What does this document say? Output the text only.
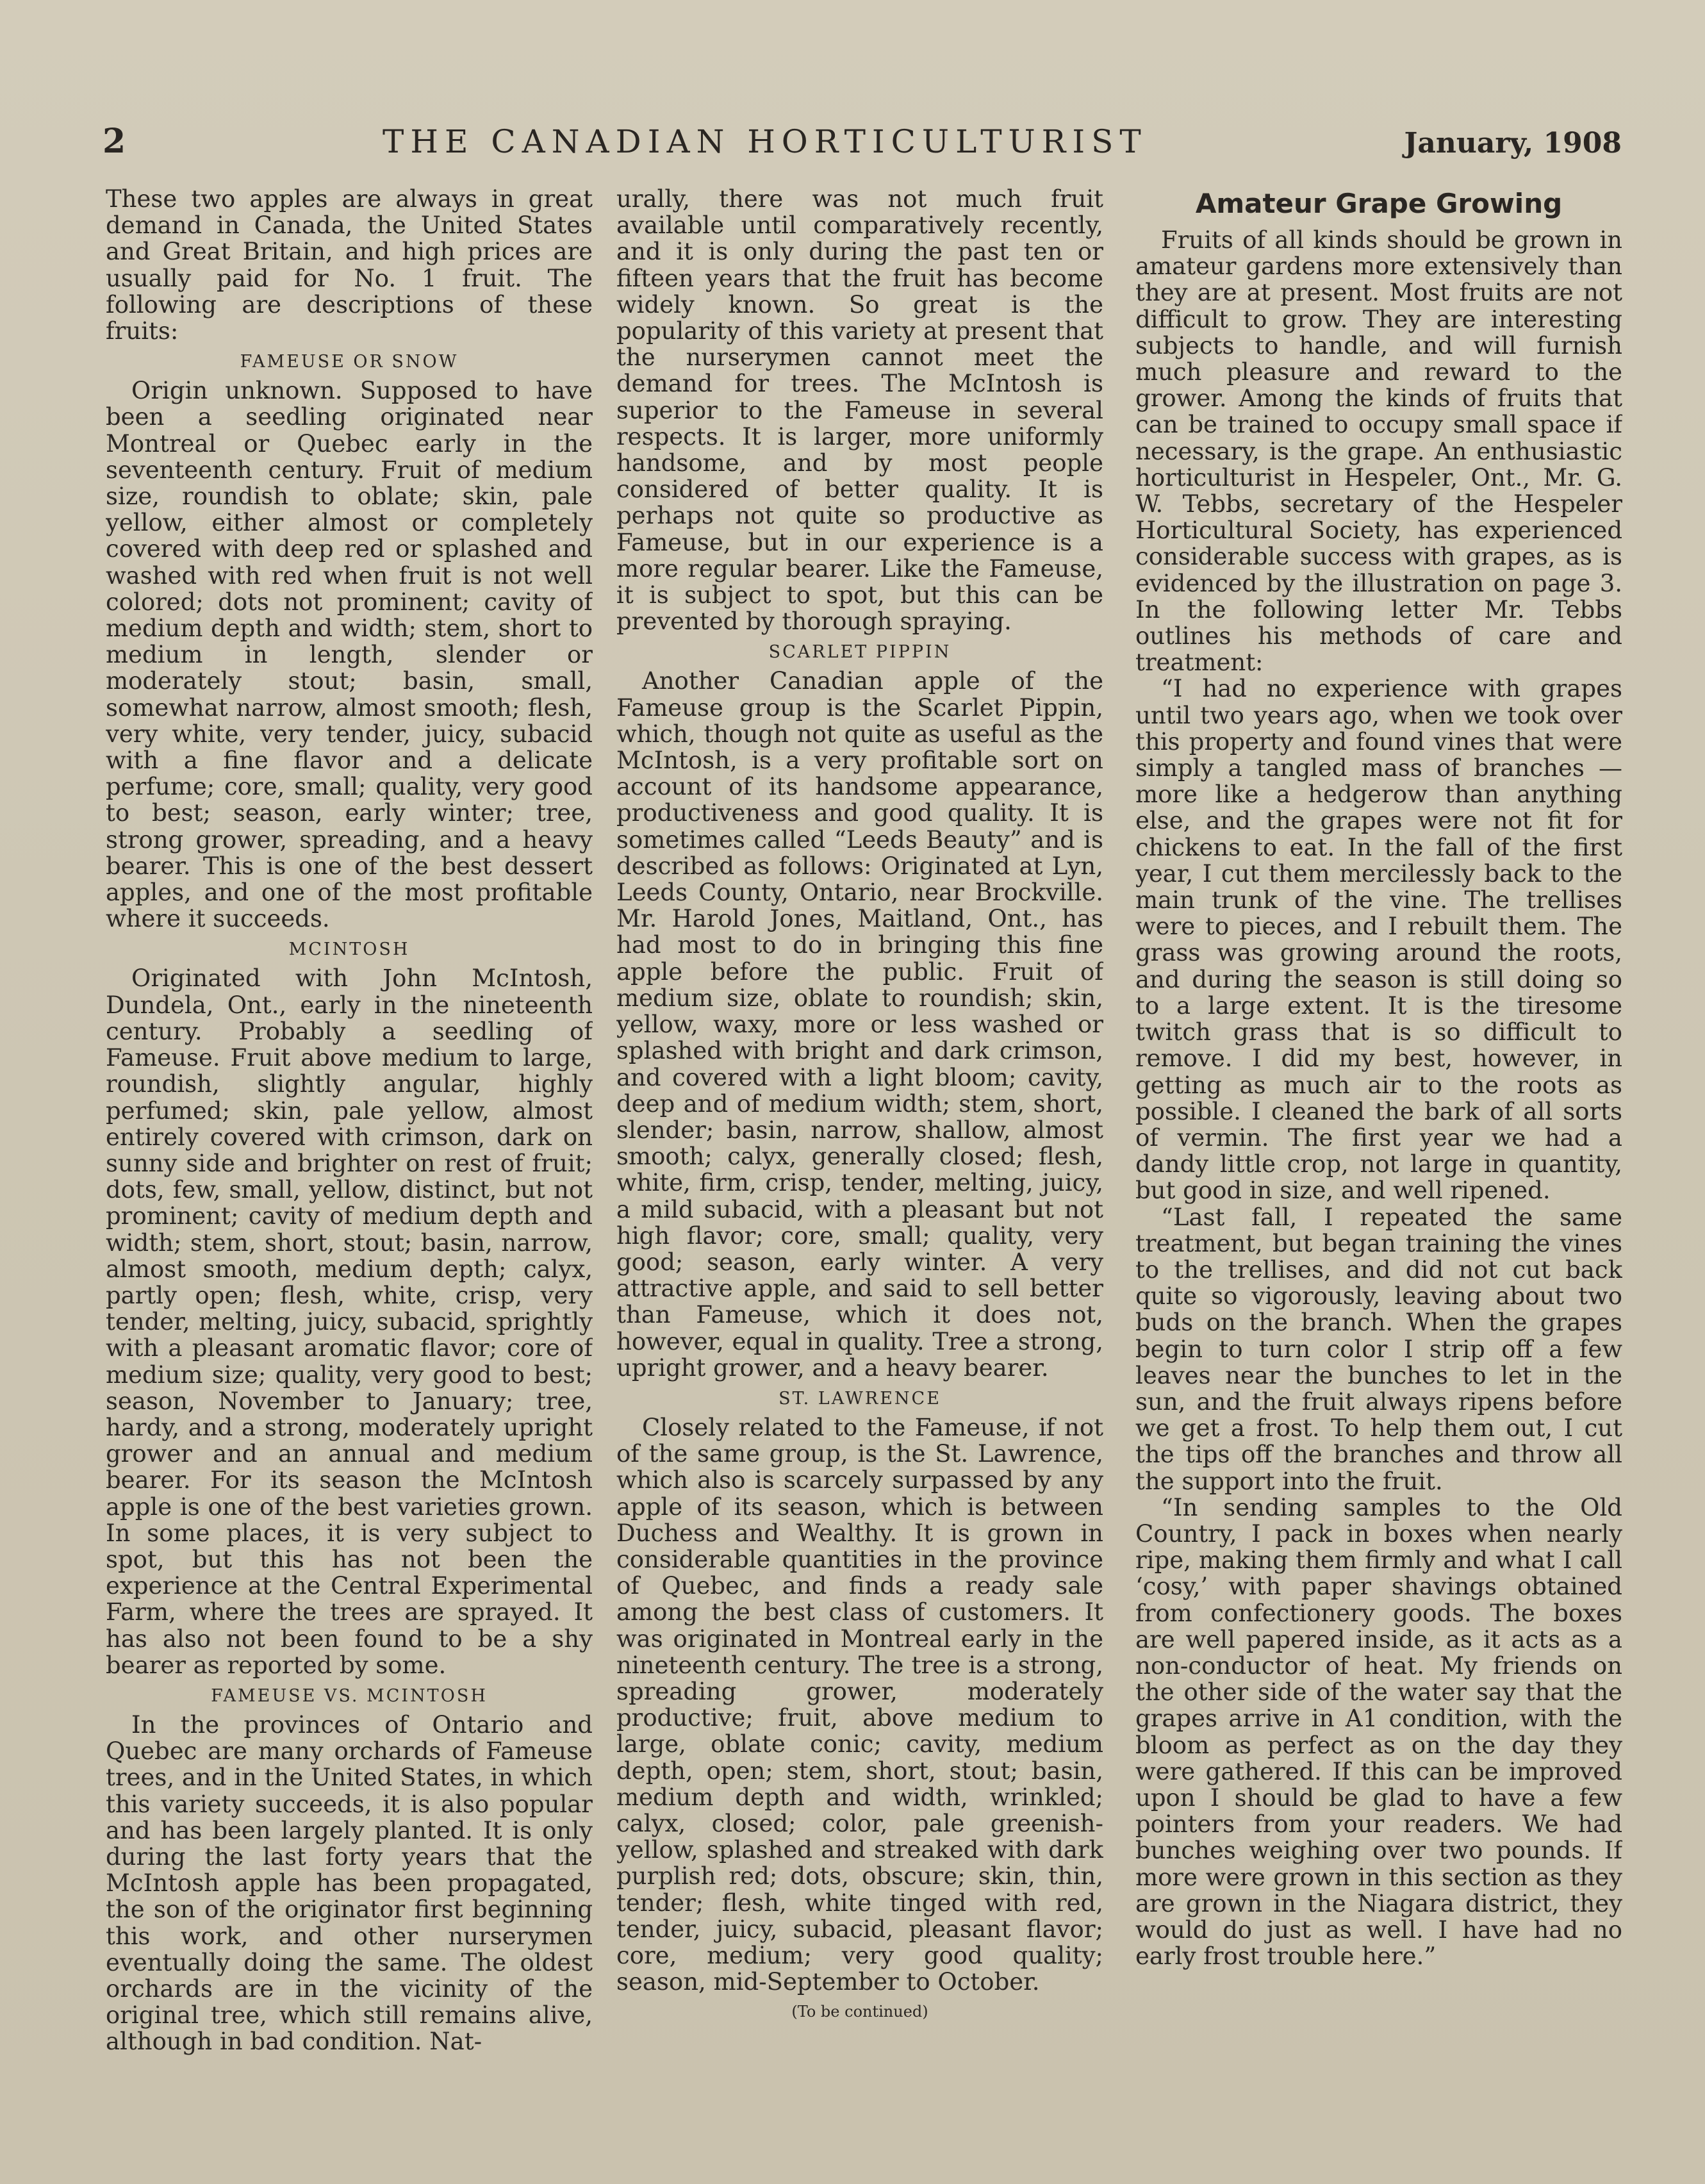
2	THE CANADIAN HORTICULTURIST	January, 1908

These two apples are always in great demand in Canada, the United States and Great Britain, and high prices are usually paid for No. 1 fruit. The following are descriptions of these fruits:

FAMEUSE OR SNOW

Origin unknown. Supposed to have been a seedling originated near Montreal or Quebec early in the seventeenth century. Fruit of medium size, roundish to oblate; skin, pale yellow, either almost or completely covered with deep red or splashed and washed with red when fruit is not well colored; dots not prominent; cavity of medium depth and width; stem, short to medium in length, slender or moderately stout; basin, small, somewhat narrow, almost smooth; flesh, very white, very tender, juicy, subacid with a fine flavor and a delicate perfume; core, small; quality, very good to best; season, early winter; tree, strong grower, spreading, and a heavy bearer. This is one of the best dessert apples, and one of the most profitable where it succeeds.

MCINTOSH

Originated with John McIntosh, Dundela, Ont., early in the nineteenth century. Probably a seedling of Fameuse. Fruit above medium to large, roundish, slightly angular, highly perfumed; skin, pale yellow, almost entirely covered with crimson, dark on sunny side and brighter on rest of fruit; dots, few, small, yellow, distinct, but not prominent; cavity of medium depth and width; stem, short, stout; basin, narrow, almost smooth, medium depth; calyx, partly open; flesh, white, crisp, very tender, melting, juicy, subacid, sprightly with a pleasant aromatic flavor; core of medium size; quality, very good to best; season, November to January; tree, hardy, and a strong, moderately upright grower and an annual and medium bearer. For its season the McIntosh apple is one of the best varieties grown. In some places, it is very subject to spot, but this has not been the experience at the Central Experimental Farm, where the trees are sprayed. It has also not been found to be a shy bearer as reported by some.

FAMEUSE VS. MCINTOSH

In the provinces of Ontario and Quebec are many orchards of Fameuse trees, and in the United States, in which this variety succeeds, it is also popular and has been largely planted. It is only during the last forty years that the McIntosh apple has been propagated, the son of the originator first beginning this work, and other nurserymen eventually doing the same. The oldest orchards are in the vicinity of the original tree, which still remains alive, although in bad condition. Nat-

urally, there was not much fruit available until comparatively recently, and it is only during the past ten or fifteen years that the fruit has become widely known. So great is the popularity of this variety at present that the nurserymen cannot meet the demand for trees. The McIntosh is superior to the Fameuse in several respects. It is larger, more uniformly handsome, and by most people considered of better quality. It is perhaps not quite so productive as Fameuse, but in our experience is a more regular bearer. Like the Fameuse, it is subject to spot, but this can be prevented by thorough spraying.

SCARLET PIPPIN

Another Canadian apple of the Fameuse group is the Scarlet Pippin, which, though not quite as useful as the McIntosh, is a very profitable sort on account of its handsome appearance, productiveness and good quality. It is sometimes called “Leeds Beauty” and is described as follows: Originated at Lyn, Leeds County, Ontario, near Brockville. Mr. Harold Jones, Maitland, Ont., has had most to do in bringing this fine apple before the public. Fruit of medium size, oblate to roundish; skin, yellow, waxy, more or less washed or splashed with bright and dark crimson, and covered with a light bloom; cavity, deep and of medium width; stem, short, slender; basin, narrow, shallow, almost smooth; calyx, generally closed; flesh, white, firm, crisp, tender, melting, juicy, a mild subacid, with a pleasant but not high flavor; core, small; quality, very good; season, early winter. A very attractive apple, and said to sell better than Fameuse, which it does not, however, equal in quality. Tree a strong, upright grower, and a heavy bearer.

ST. LAWRENCE

Closely related to the Fameuse, if not of the same group, is the St. Lawrence, which also is scarcely surpassed by any apple of its season, which is between Duchess and Wealthy. It is grown in considerable quantities in the province of Quebec, and finds a ready sale among the best class of customers. It was originated in Montreal early in the nineteenth century. The tree is a strong, spreading grower, moderately productive; fruit, above medium to large, oblate conic; cavity, medium depth, open; stem, short, stout; basin, medium depth and width, wrinkled; calyx, closed; color, pale greenish-yellow, splashed and streaked with dark purplish red; dots, obscure; skin, thin, tender; flesh, white tinged with red, tender, juicy, subacid, pleasant flavor; core, medium; very good quality; season, mid-September to October.

(To be continued)
Amateur Grape Growing

Fruits of all kinds should be grown in amateur gardens more extensively than they are at present. Most fruits are not difficult to grow. They are interesting subjects to handle, and will furnish much pleasure and reward to the grower. Among the kinds of fruits that can be trained to occupy small space if necessary, is the grape. An enthusiastic horticulturist in Hespeler, Ont., Mr. G. W. Tebbs, secretary of the Hespeler Horticultural Society, has experienced considerable success with grapes, as is evidenced by the illustration on page 3. In the following letter Mr. Tebbs outlines his methods of care and treatment:

“I had no experience with grapes until two years ago, when we took over this property and found vines that were simply a tangled mass of branches —more like a hedgerow than anything else, and the grapes were not fit for chickens to eat. In the fall of the first year, I cut them mercilessly back to the main trunk of the vine. The trellises were to pieces, and I rebuilt them. The grass was growing around the roots, and during the season is still doing so to a large extent. It is the tiresome twitch grass that is so difficult to remove. I did my best, however, in getting as much air to the roots as possible. I cleaned the bark of all sorts of vermin. The first year we had a dandy little crop, not large in quantity, but good in size, and well ripened.

“Last fall, I repeated the same treatment, but began training the vines to the trellises, and did not cut back quite so vigorously, leaving about two buds on the branch. When the grapes begin to turn color I strip off a few leaves near the bunches to let in the sun, and the fruit always ripens before we get a frost. To help them out, I cut the tips off the branches and throw all the support into the fruit.

“In sending samples to the Old Country, I pack in boxes when nearly ripe, making them firmly and what I call ‘cosy,’ with paper shavings obtained from confectionery goods. The boxes are well papered inside, as it acts as a non-conductor of heat. My friends on the other side of the water say that the grapes arrive in A1 condition, with the bloom as perfect as on the day they were gathered. If this can be improved upon I should be glad to have a few pointers from your readers. We had bunches weighing over two pounds. If more were grown in this section as they are grown in the Niagara district, they would do just as well. I have had no early frost trouble here.”
